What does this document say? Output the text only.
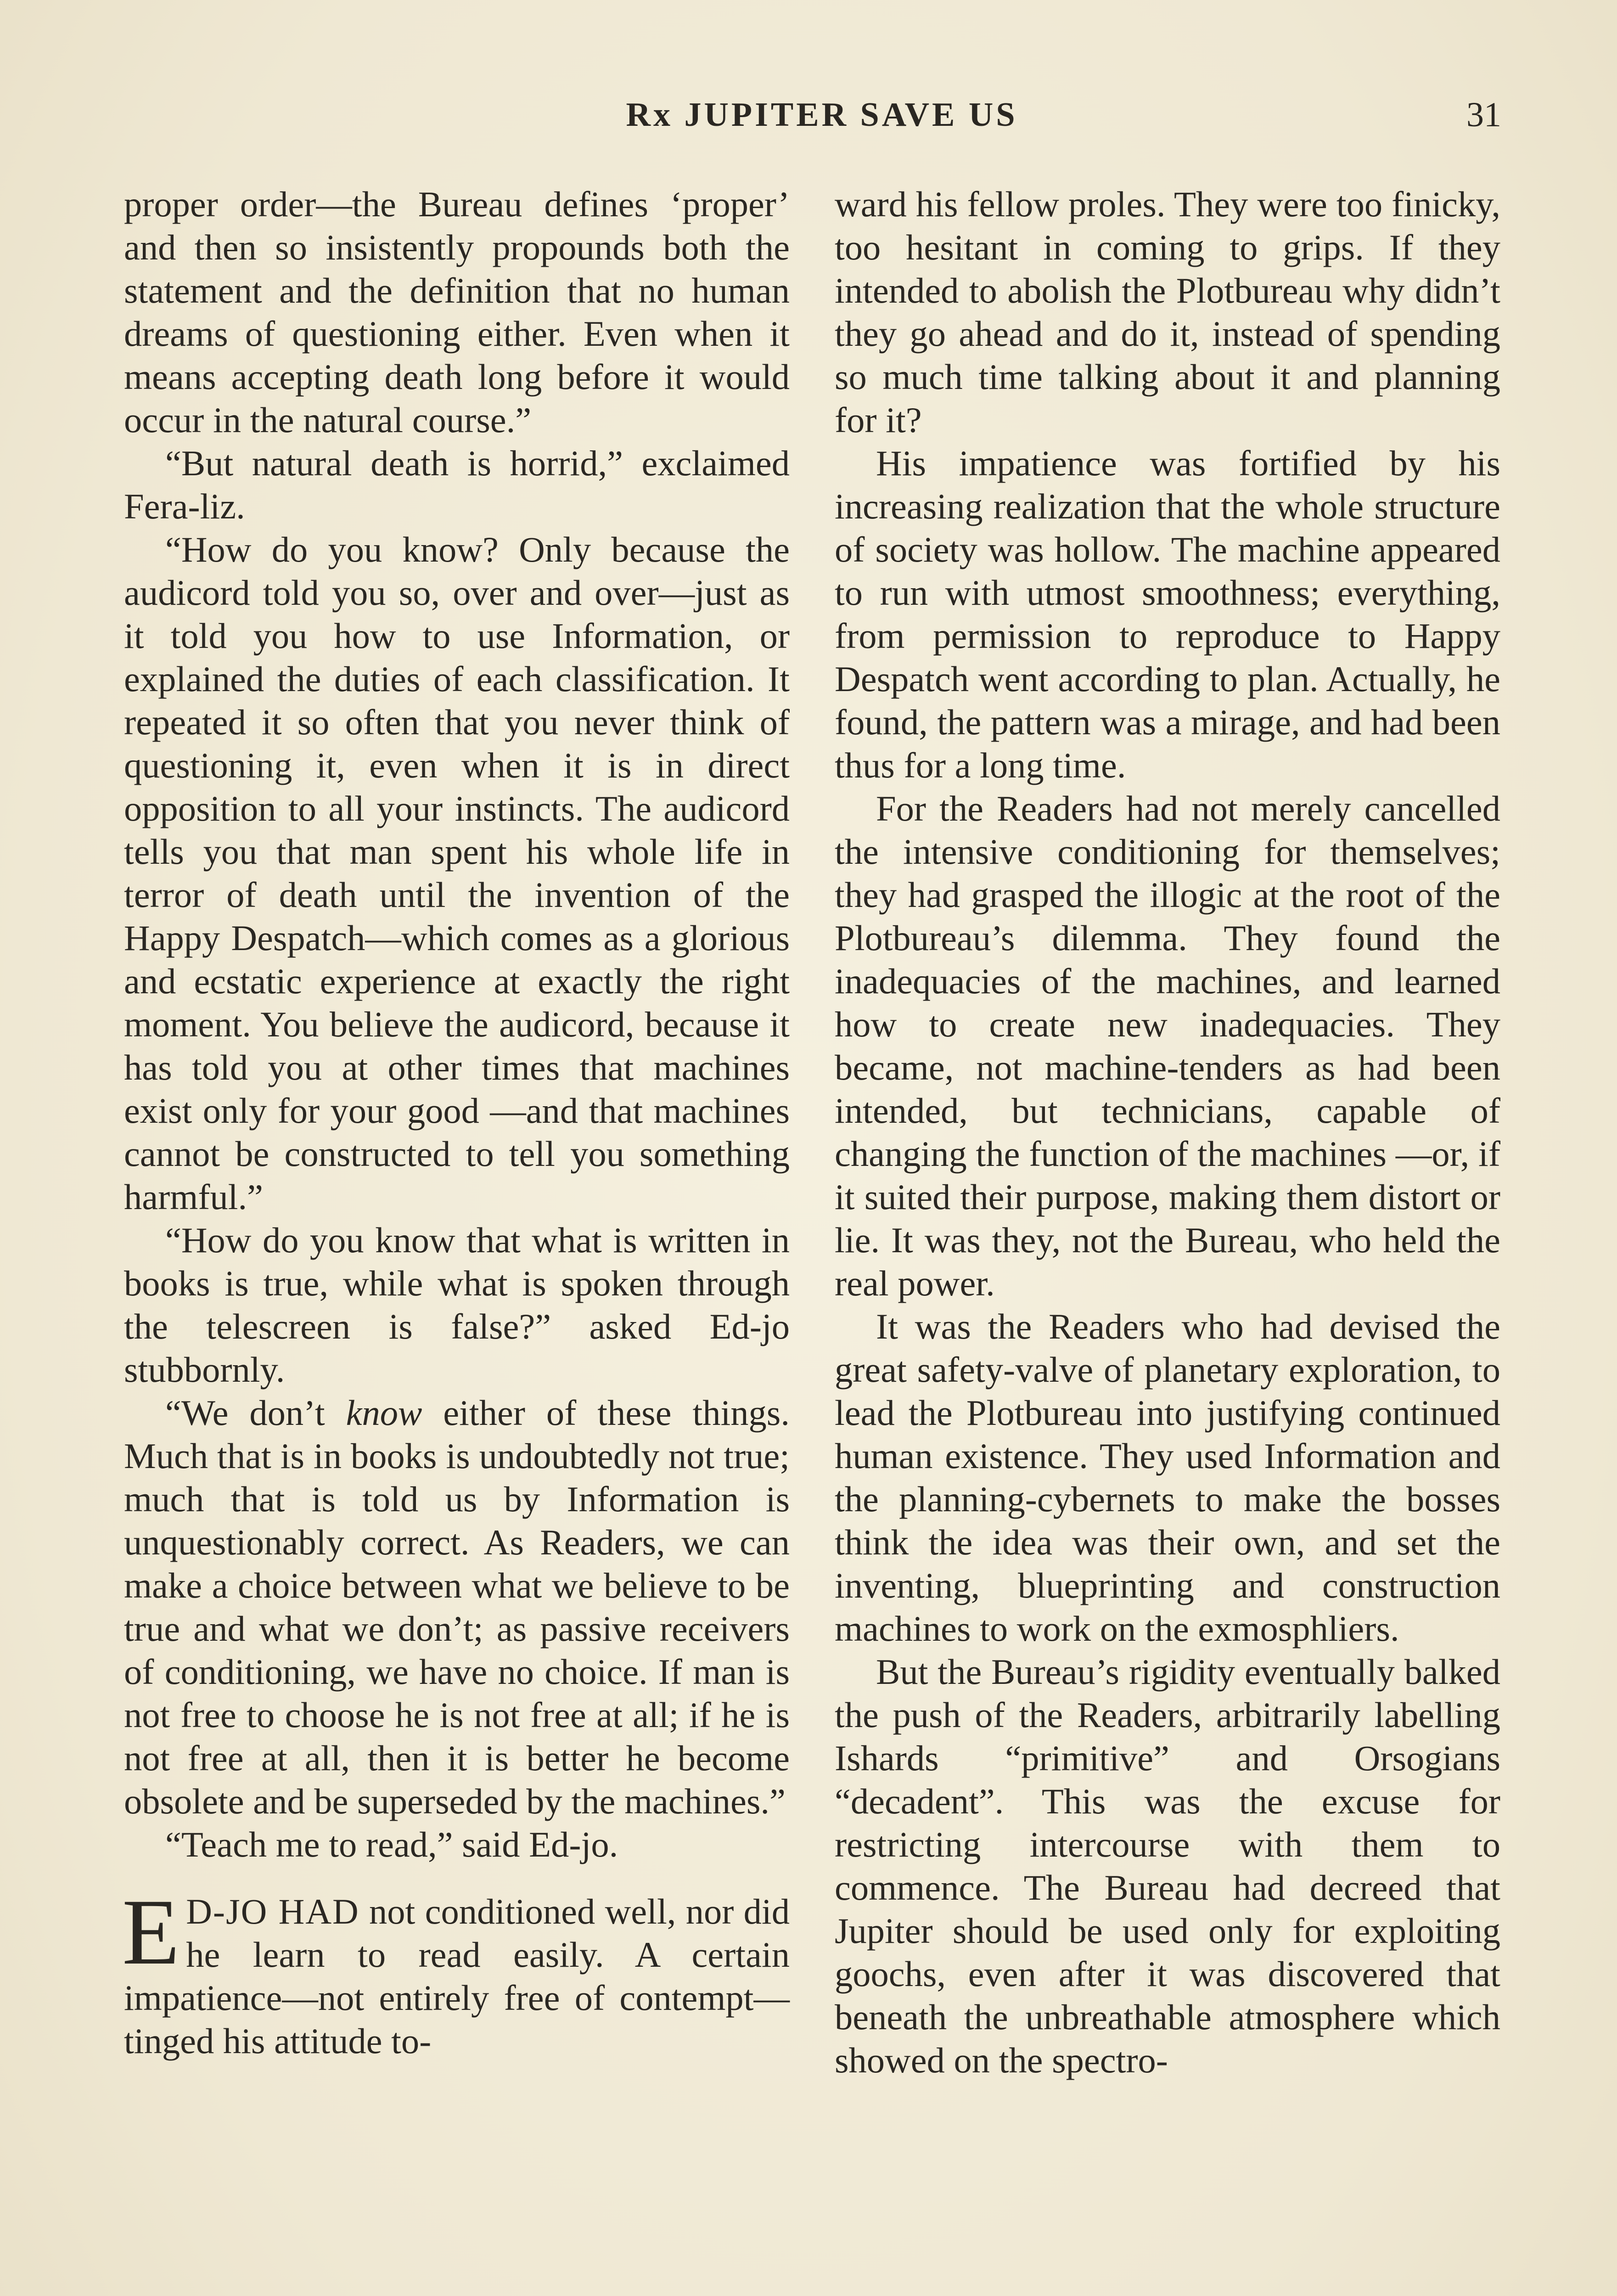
Rx JUPITER SAVE US	31

proper order—the Bureau defines ‘proper’ and then so insistently propounds both the statement and the definition that no human dreams of questioning either. Even when it means accepting death long before it would occur in the natural course.”

“But natural death is horrid,” exclaimed Fera-liz.

“How do you know? Only because the audicord told you so, over and over—just as it told you how to use Information, or explained the duties of each classification. It repeated it so often that you never think of questioning it, even when it is in direct opposition to all your instincts. The audicord tells you that man spent his whole life in terror of death until the invention of the Happy Despatch—which comes as a glorious and ecstatic experience at exactly the right moment. You believe the audicord, because it has told you at other times that machines exist only for your good —and that machines cannot be constructed to tell you something harmful.”

“How do you know that what is written in books is true, while what is spoken through the telescreen is false?” asked Ed-jo stubbornly.

“We don’t know either of these things. Much that is in books is undoubtedly not true; much that is told us by Information is unquestionably correct. As Readers, we can make a choice between what we believe to be true and what we don’t; as passive receivers of conditioning, we have no choice. If man is not free to choose he is not free at all; if he is not free at all, then it is better he become obsolete and be superseded by the machines.”

“Teach me to read,” said Ed-jo.

E D-JO HAD not conditioned well, nor did he learn to read easily. A certain impatience—not entirely free of contempt—tinged his attitude to-

ward his fellow proles. They were too finicky, too hesitant in coming to grips. If they intended to abolish the Plotbureau why didn’t they go ahead and do it, instead of spending so much time talking about it and planning for it?

His impatience was fortified by his increasing realization that the whole structure of society was hollow. The machine appeared to run with utmost smoothness; everything, from permission to reproduce to Happy Despatch went according to plan. Actually, he found, the pattern was a mirage, and had been thus for a long time.

For the Readers had not merely cancelled the intensive conditioning for themselves; they had grasped the illogic at the root of the Plotbureau’s dilemma. They found the inadequacies of the machines, and learned how to create new inadequacies. They became, not machine-tenders as had been intended, but technicians, capable of changing the function of the machines —or, if it suited their purpose, making them distort or lie. It was they, not the Bureau, who held the real power.

It was the Readers who had devised the great safety-valve of planetary exploration, to lead the Plotbureau into justifying continued human existence. They used Information and the planning-cybernets to make the bosses think the idea was their own, and set the inventing, blueprinting and construction machines to work on the exmosphliers.

But the Bureau’s rigidity eventually balked the push of the Readers, arbitrarily labelling Ishards “primitive” and Orsogians “decadent”. This was the excuse for restricting intercourse with them to commence. The Bureau had decreed that Jupiter should be used only for exploiting goochs, even after it was discovered that beneath the unbreathable atmosphere which showed on the spectro-
